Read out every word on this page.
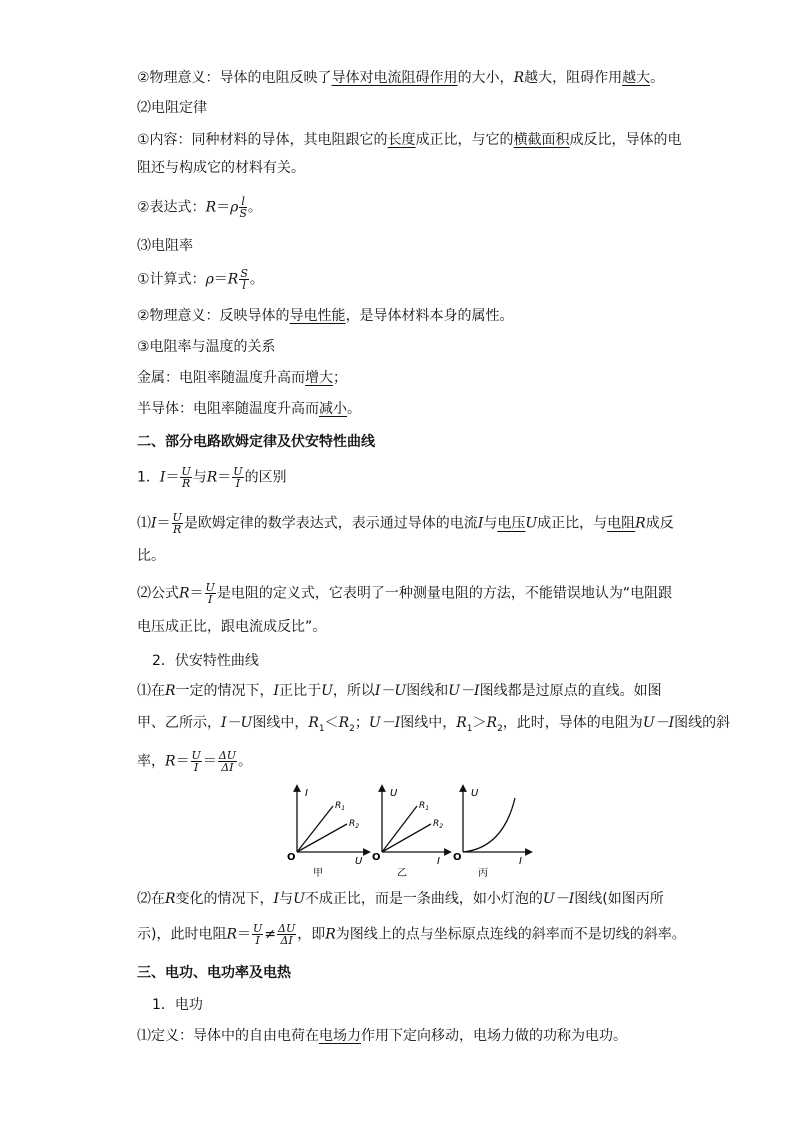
②物理意义：导体的电阻反映了导体对电流阻碍作用的大小，R越大，阻碍作用越大。
⑵电阻定律
①内容：同种材料的导体，其电阻跟它的长度成正比，与它的横截面积成反比，导体的电
阻还与构成它的材料有关。
②表达式：$R=\rho \frac{l}{S}$ 。
⑶电阻率
①计算式：$\rho=R \frac{S}{l}$ 。
②物理意义：反映导体的导电性能，是导体材料本身的属性。
③电阻率与温度的关系
金属：电阻率随温度升高而增大；
半导体：电阻率随温度升高而减小。
二、部分电路欧姆定律及伏安特性曲线
1．$I= \frac{U}{R}$ 与$R= \frac{U}{I}$ 的区别
⑴I＝ $\frac{U}{R}$ 是欧姆定律的数学表达式，表示通过导体的电流I与电压U成正比，与电阻R成反
比。
⑵公式$R= \frac{U}{I}$ 是电阻的定义式，它表明了一种测量电阻的方法，不能错误地认为“电阻跟
电压成正比，跟电流成反比”。
2．伏安特性曲线
⑴在R一定的情况下，I正比于U，所以I－U图线和U－I图线都是过原点的直线。如图
甲、乙所示，I－U图线中，$R_1<R_2$；U－I图线中，$R_1>R_2$，此时，导体的电阻为U－I图线的斜
率，$R= \frac{U}{I} = \frac{\Delta U}{\Delta I}$ 。
I
U
O
$R_1$
$R_2$
甲
U
I
O
$R_1$
$R_2$
乙
U
I
O
丙
⑵在R变化的情况下，I与U不成正比，而是一条曲线，如小灯泡的U－I图线(如图丙所
示)，此时电阻$R= \frac{U}{I} \ne \frac{\Delta U}{\Delta I}$ ，即R为图线上的点与坐标原点连线的斜率而不是切线的斜率。
三、电功、电功率及电热
1．电功
⑴定义：导体中的自由电荷在电场力作用下定向移动，电场力做的功称为电功。
